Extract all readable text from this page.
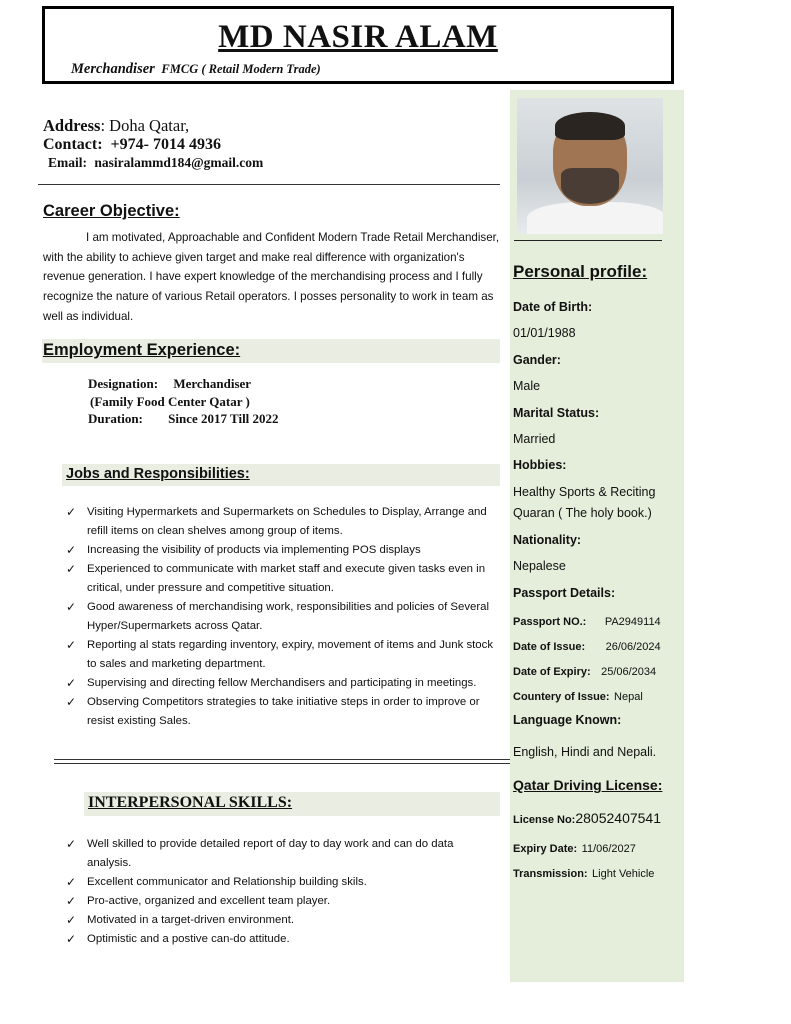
MD NASIR ALAM
Merchandiser FMCG ( Retail Modern Trade)
Personal profile:
Date of Birth:
01/01/1988
Gander:
Male
Marital Status:
Married
Hobbies:
Healthy Sports & Reciting
Quaran ( The holy book.)
Nationality:
Nepalese
Passport Details:
Passport NO.: PA2949114
Date of Issue: 26/06/2024
Date of Expiry: 25/06/2034
Countery of Issue: Nepal
Language Known:
English, Hindi and Nepali.
Qatar Driving License:
License No:28052407541
Expiry Date: 11/06/2027
Transmission: Light Vehicle
Address: Doha Qatar,
Contact: +974- 7014 4936
Email: nasiralammd184@gmail.com
Career Objective:
I am motivated, Approachable and Confident Modern Trade Retail Merchandiser, with the ability to achieve given target and make real difference with organization's revenue generation. I have expert knowledge of the merchandising process and I fully recognize the nature of various Retail operators. I posses personality to work in team as well as individual.
Employment Experience:
Designation: Merchandiser
(Family Food Center Qatar )
Duration: Since 2017 Till 2022
Jobs and Responsibilities:
✓ Visiting Hypermarkets and Supermarkets on Schedules to Display, Arrange and refill items on clean shelves among group of items.
✓ Increasing the visibility of products via implementing POS displays
✓ Experienced to communicate with market staff and execute given tasks even in critical, under pressure and competitive situation.
✓ Good awareness of merchandising work, responsibilities and policies of Several Hyper/Supermarkets across Qatar.
✓ Reporting al stats regarding inventory, expiry, movement of items and Junk stock to sales and marketing department.
✓ Supervising and directing fellow Merchandisers and participating in meetings.
✓ Observing Competitors strategies to take initiative steps in order to improve or resist existing Sales.
INTERPERSONAL SKILLS:
✓ Well skilled to provide detailed report of day to day work and can do data analysis.
✓ Excellent communicator and Relationship building skils.
✓ Pro-active, organized and excellent team player.
✓ Motivated in a target-driven environment.
✓ Optimistic and a postive can-do attitude.
